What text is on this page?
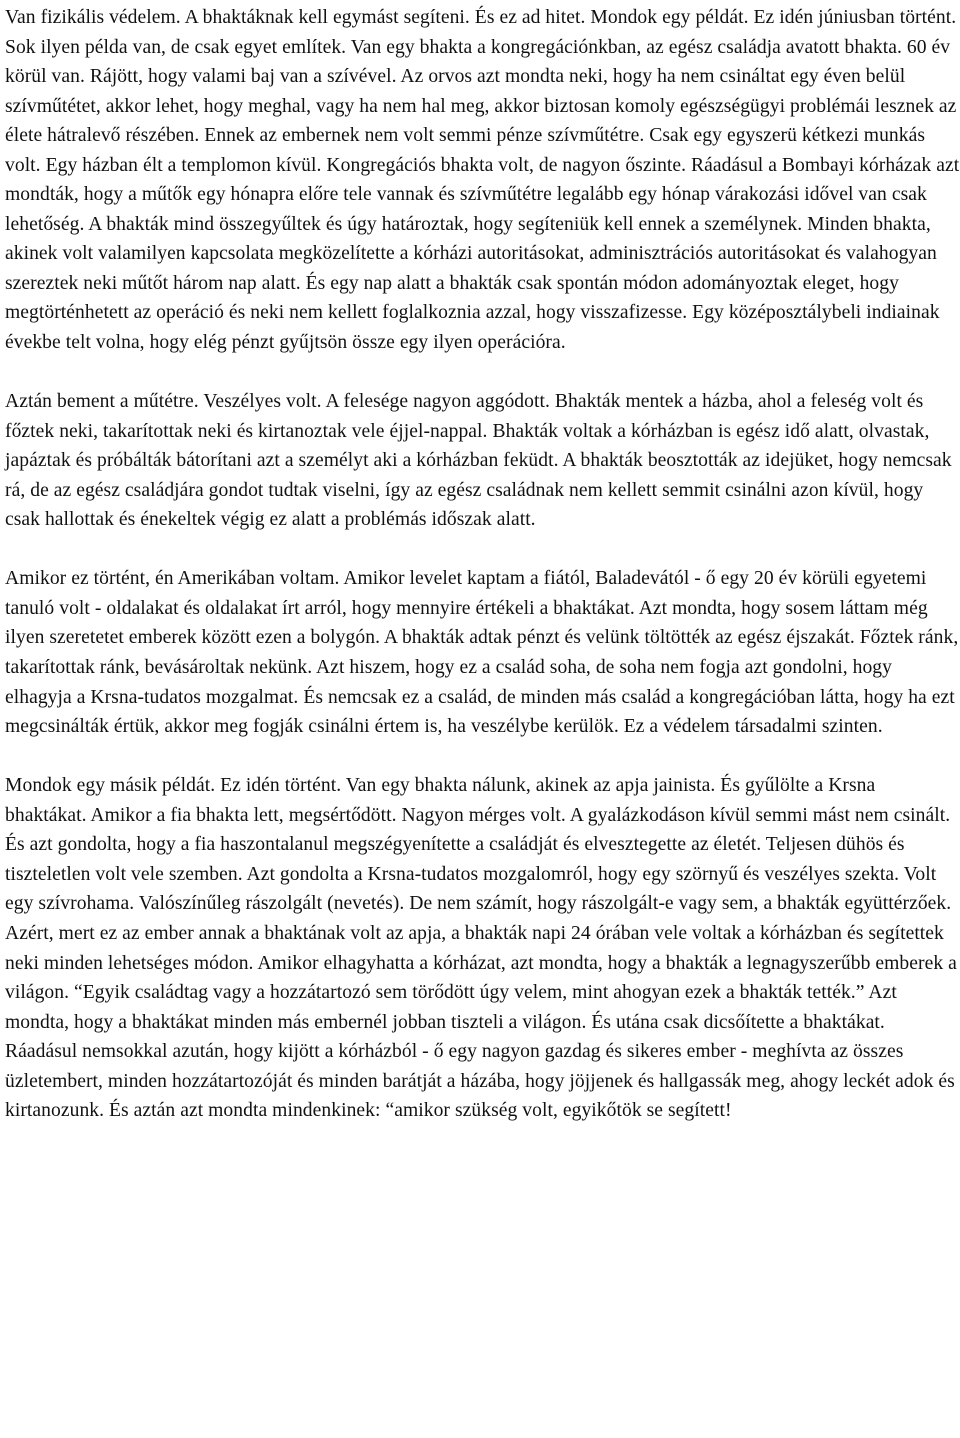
Van fizikális védelem. A bhaktáknak kell egymást segíteni. És ez ad hitet. Mondok egy példát. Ez idén júniusban történt. Sok ilyen példa van, de csak egyet említek. Van egy bhakta a kongregációnkban, az egész családja avatott bhakta. 60 év körül van. Rájött, hogy valami baj van a szívével. Az orvos azt mondta neki, hogy ha nem csináltat egy éven belül szívműtétet, akkor lehet, hogy meghal, vagy ha nem hal meg, akkor biztosan komoly egészségügyi problémái lesznek az élete hátralevő részében. Ennek az embernek nem volt semmi pénze szívműtétre. Csak egy egyszerü kétkezi munkás volt. Egy házban élt a templomon kívül. Kongregációs bhakta volt, de nagyon őszinte. Ráadásul a Bombayi kórházak azt mondták, hogy a műtők egy hónapra előre tele vannak és szívműtétre legalább egy hónap várakozási idővel van csak lehetőség. A bhakták mind összegyűltek és úgy határoztak, hogy segíteniük kell ennek a személynek. Minden bhakta, akinek volt valamilyen kapcsolata megközelítette a kórházi autoritásokat, adminisztrációs autoritásokat és valahogyan szereztek neki műtőt három nap alatt. És egy nap alatt a bhakták csak spontán módon adományoztak eleget, hogy megtörténhetett az operáció és neki nem kellett foglalkoznia azzal, hogy visszafizesse. Egy középosztálybeli indiainak évekbe telt volna, hogy elég pénzt gyűjtsön össze egy ilyen operációra.

Aztán bement a műtétre. Veszélyes volt. A felesége nagyon aggódott. Bhakták mentek a házba, ahol a feleség volt és főztek neki, takarítottak neki és kirtanoztak vele éjjel-nappal. Bhakták voltak a kórházban is egész idő alatt, olvastak, japáztak és próbálták bátorítani azt a személyt aki a kórházban feküdt. A bhakták beosztották az idejüket, hogy nemcsak rá, de az egész családjára gondot tudtak viselni, így az egész családnak nem kellett semmit csinálni azon kívül, hogy csak hallottak és énekeltek végig ez alatt a problémás időszak alatt.

Amikor ez történt, én Amerikában voltam. Amikor levelet kaptam a fiától, Baladevától - ő egy 20 év körüli egyetemi tanuló volt - oldalakat és oldalakat írt arról, hogy mennyire értékeli a bhaktákat. Azt mondta, hogy sosem láttam még ilyen szeretetet emberek között ezen a bolygón. A bhakták adtak pénzt és velünk töltötték az egész éjszakát. Főztek ránk, takarítottak ránk, bevásároltak nekünk. Azt hiszem, hogy ez a család soha, de soha nem fogja azt gondolni, hogy elhagyja a Krsna-tudatos mozgalmat. És nemcsak ez a család, de minden más család a kongregációban látta, hogy ha ezt megcsinálták értük, akkor meg fogják csinálni értem is, ha veszélybe kerülök. Ez a védelem társadalmi szinten.

Mondok egy másik példát. Ez idén történt. Van egy bhakta nálunk, akinek az apja jainista. És gyűlölte a Krsna bhaktákat. Amikor a fia bhakta lett, megsértődött. Nagyon mérges volt. A gyalázkodáson kívül semmi mást nem csinált. És azt gondolta, hogy a fia haszontalanul megszégyenítette a családját és elvesztegette az életét. Teljesen dühös és tiszteletlen volt vele szemben. Azt gondolta a Krsna-tudatos mozgalomról, hogy egy szörnyű és veszélyes szekta. Volt egy szívrohama. Valószínűleg rászolgált (nevetés). De nem számít, hogy rászolgált-e vagy sem, a bhakták együttérzőek. Azért, mert ez az ember annak a bhaktának volt az apja, a bhakták napi 24 órában vele voltak a kórházban és segítettek neki minden lehetséges módon. Amikor elhagyhatta a kórházat, azt mondta, hogy a bhakták a legnagyszerűbb emberek a világon. “Egyik családtag vagy a hozzátartozó sem törődött úgy velem, mint ahogyan ezek a bhakták tették.” Azt mondta, hogy a bhaktákat minden más embernél jobban tiszteli a világon. És utána csak dicsőítette a bhaktákat. Ráadásul nemsokkal azután, hogy kijött a kórházból - ő egy nagyon gazdag és sikeres ember - meghívta az összes üzletembert, minden hozzátartozóját és minden barátját a házába, hogy jöjjenek és hallgassák meg, ahogy leckét adok és kirtanozunk. És aztán azt mondta mindenkinek: “amikor szükség volt, egyikőtök se segített!
